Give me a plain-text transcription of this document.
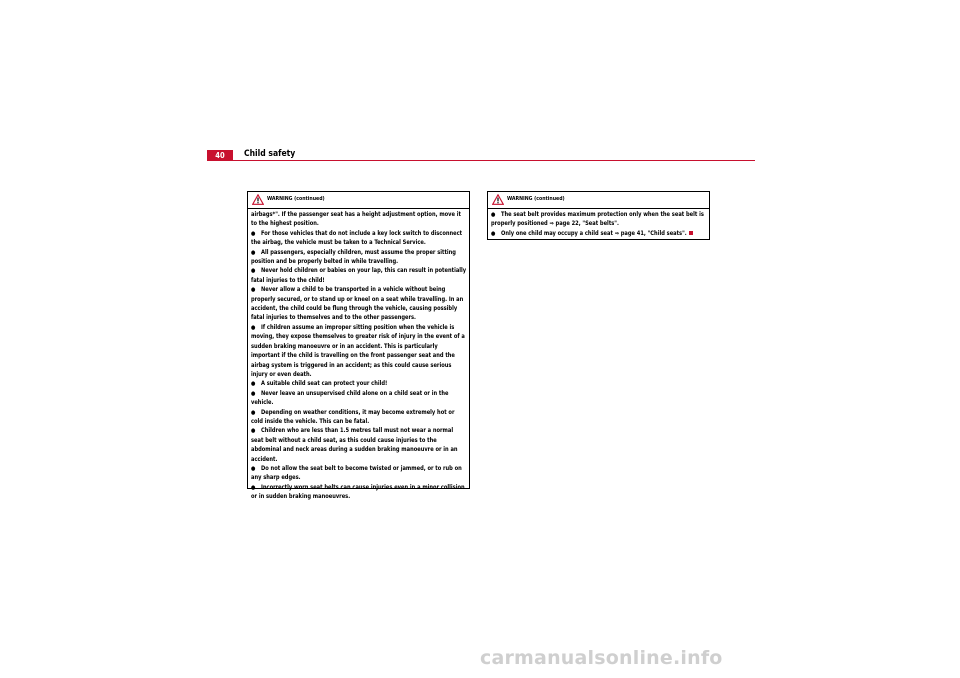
40	Child safety
WARNING (continued)

airbags*". If the passenger seat has a height adjustment option, move it to the highest position.

● For those vehicles that do not include a key lock switch to disconnect the airbag, the vehicle must be taken to a Technical Service.

● All passengers, especially children, must assume the proper sitting position and be properly belted in while travelling.

● Never hold children or babies on your lap, this can result in potentially fatal injuries to the child!

● Never allow a child to be transported in a vehicle without being properly secured, or to stand up or kneel on a seat while travelling. In an accident, the child could be flung through the vehicle, causing possibly fatal injuries to themselves and to the other passengers.

● If children assume an improper sitting position when the vehicle is moving, they expose themselves to greater risk of injury in the event of a sudden braking manoeuvre or in an accident. This is particularly important if the child is travelling on the front passenger seat and the airbag system is triggered in an accident; as this could cause serious injury or even death.

● A suitable child seat can protect your child!

● Never leave an unsupervised child alone on a child seat or in the vehicle.

● Depending on weather conditions, it may become extremely hot or cold inside the vehicle. This can be fatal.

● Children who are less than 1.5 metres tall must not wear a normal seat belt without a child seat, as this could cause injuries to the abdominal and neck areas during a sudden braking manoeuvre or in an accident.

● Do not allow the seat belt to become twisted or jammed, or to rub on any sharp edges.

● Incorrectly worn seat belts can cause injuries even in a minor collision or in sudden braking manoeuvres.

WARNING (continued)

● The seat belt provides maximum protection only when the seat belt is properly positioned ⇒ page 22, "Seat belts".

● Only one child may occupy a child seat ⇒ page 41, "Child seats".

carmanualsonline.info
